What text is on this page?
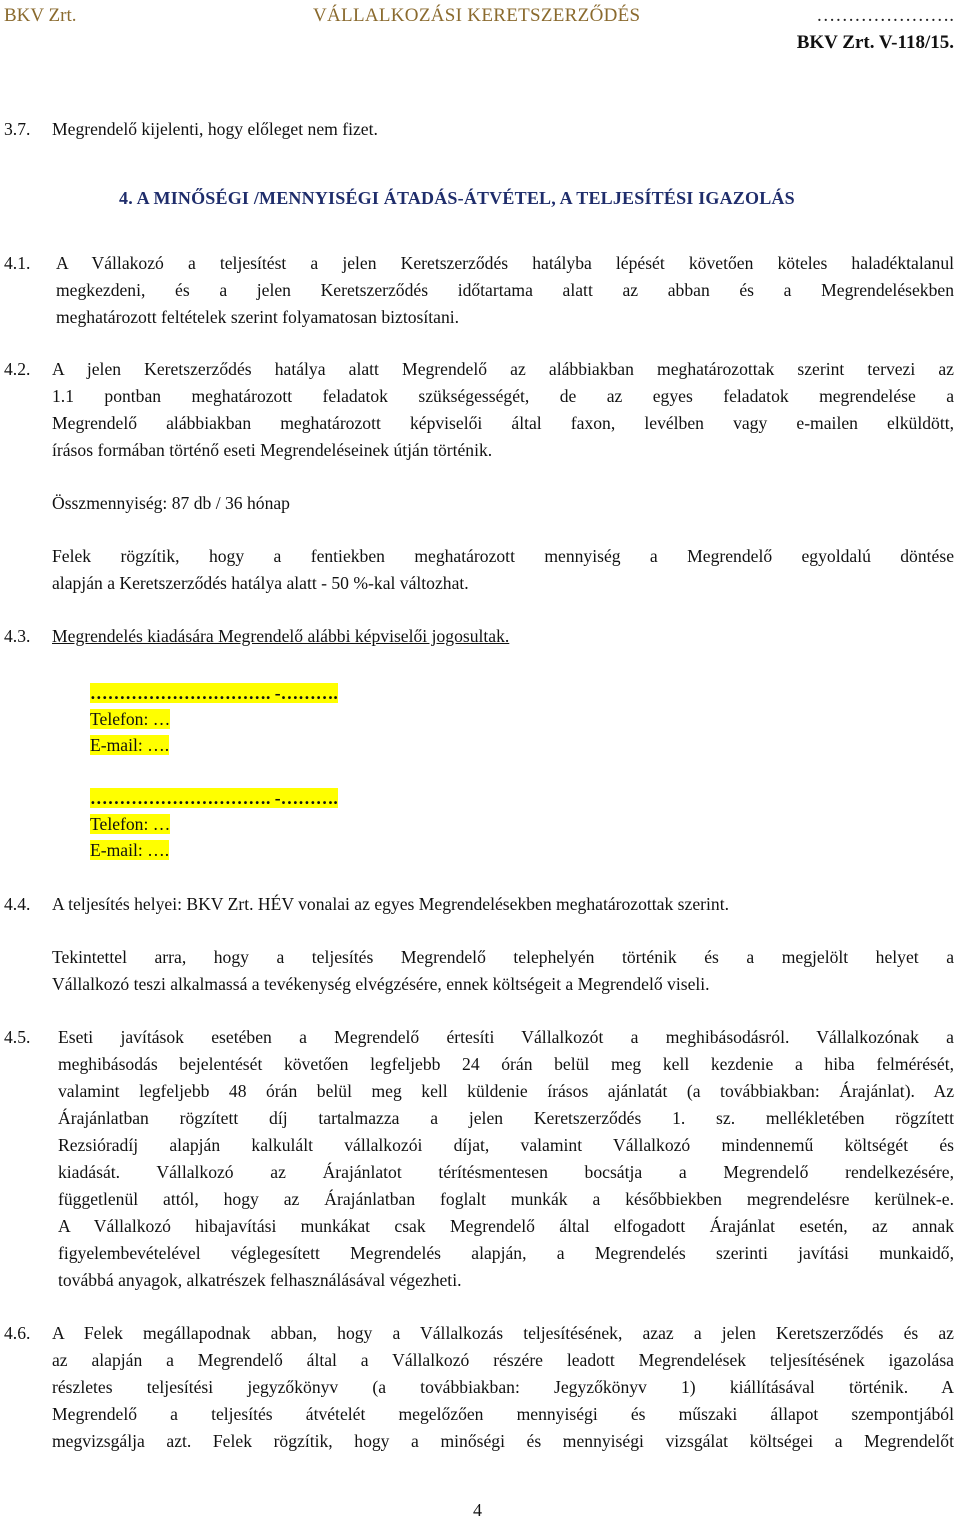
BKV Zrt.	VÁLLALKOZÁSI KERETSZERZŐDÉS	………………….
BKV Zrt. V-118/15.
3.7. Megrendelő kijelenti, hogy előleget nem fizet.
4. A MINŐSÉGI /MENNYISÉGI ÁTADÁS-ÁTVÉTEL, A TELJESÍTÉSI IGAZOLÁS
4.1. A Vállakozó a teljesítést a jelen Keretszerződés hatályba lépését követően köteles haladéktalanul
megkezdeni, és a jelen Keretszerződés időtartama alatt az abban és a Megrendelésekben
meghatározott feltételek szerint folyamatosan biztosítani.
4.2. A jelen Keretszerződés hatálya alatt Megrendelő az alábbiakban meghatározottak szerint tervezi az
1.1 pontban meghatározott feladatok szükségességét, de az egyes feladatok megrendelése a
Megrendelő alábbiakban meghatározott képviselői által faxon, levélben vagy e-mailen elküldött,
írásos formában történő eseti Megrendeléseinek útján történik.
Összmennyiség: 87 db / 36 hónap
Felek rögzítik, hogy a fentiekben meghatározott mennyiség a Megrendelő egyoldalú döntése
alapján a Keretszerződés hatálya alatt - 50 %-kal változhat.
4.3. Megrendelés kiadására Megrendelő alábbi képviselői jogosultak.
…………………………. -……….
Telefon: …
E-mail: ….
…………………………. -……….
Telefon: …
E-mail: ….
4.4. A teljesítés helyei: BKV Zrt. HÉV vonalai az egyes Megrendelésekben meghatározottak szerint.
Tekintettel arra, hogy a teljesítés Megrendelő telephelyén történik és a megjelölt helyet a
Vállalkozó teszi alkalmassá a tevékenység elvégzésére, ennek költségeit a Megrendelő viseli.
4.5. Eseti javítások esetében a Megrendelő értesíti Vállalkozót a meghibásodásról. Vállalkozónak a
meghibásodás bejelentését követően legfeljebb 24 órán belül meg kell kezdenie a hiba felmérését,
valamint legfeljebb 48 órán belül meg kell küldenie írásos ajánlatát (a továbbiakban: Árajánlat). Az
Árajánlatban rögzített díj tartalmazza a jelen Keretszerződés 1. sz. mellékletében rögzített
Rezsióradíj alapján kalkulált vállalkozói díjat, valamint Vállalkozó mindennemű költségét és
kiadását. Vállalkozó az Árajánlatot térítésmentesen bocsátja a Megrendelő rendelkezésére,
függetlenül attól, hogy az Árajánlatban foglalt munkák a későbbiekben megrendelésre kerülnek-e.
A Vállalkozó hibajavítási munkákat csak Megrendelő által elfogadott Árajánlat esetén, az annak
figyelembevételével véglegesített Megrendelés alapján, a Megrendelés szerinti javítási munkaidő,
továbbá anyagok, alkatrészek felhasználásával végezheti.
4.6. A Felek megállapodnak abban, hogy a Vállalkozás teljesítésének, azaz a jelen Keretszerződés és az
az alapján a Megrendelő által a Vállalkozó részére leadott Megrendelések teljesítésének igazolása
részletes teljesítési jegyzőkönyv (a továbbiakban: Jegyzőkönyv 1) kiállításával történik. A
Megrendelő a teljesítés átvételét megelőzően mennyiségi és műszaki állapot szempontjából
megvizsgálja azt. Felek rögzítik, hogy a minőségi és mennyiségi vizsgálat költségei a Megrendelőt
4
